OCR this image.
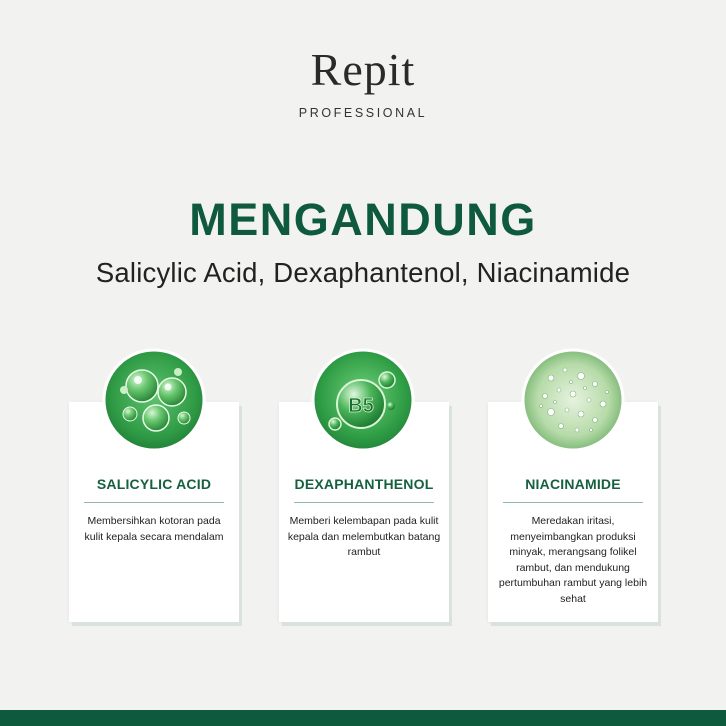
Repit
PROFESSIONAL
MENGANDUNG
Salicylic Acid, Dexaphantenol, Niacinamide
SALICYLIC ACID
Membersihkan kotoran pada kulit kepala secara mendalam
DEXAPHANTHENOL
Memberi kelembapan pada kulit kepala dan melembutkan batang rambut
B5
NIACINAMIDE
Meredakan iritasi, menyeimbangkan produksi minyak, merangsang folikel rambut, dan mendukung pertumbuhan rambut yang lebih sehat
